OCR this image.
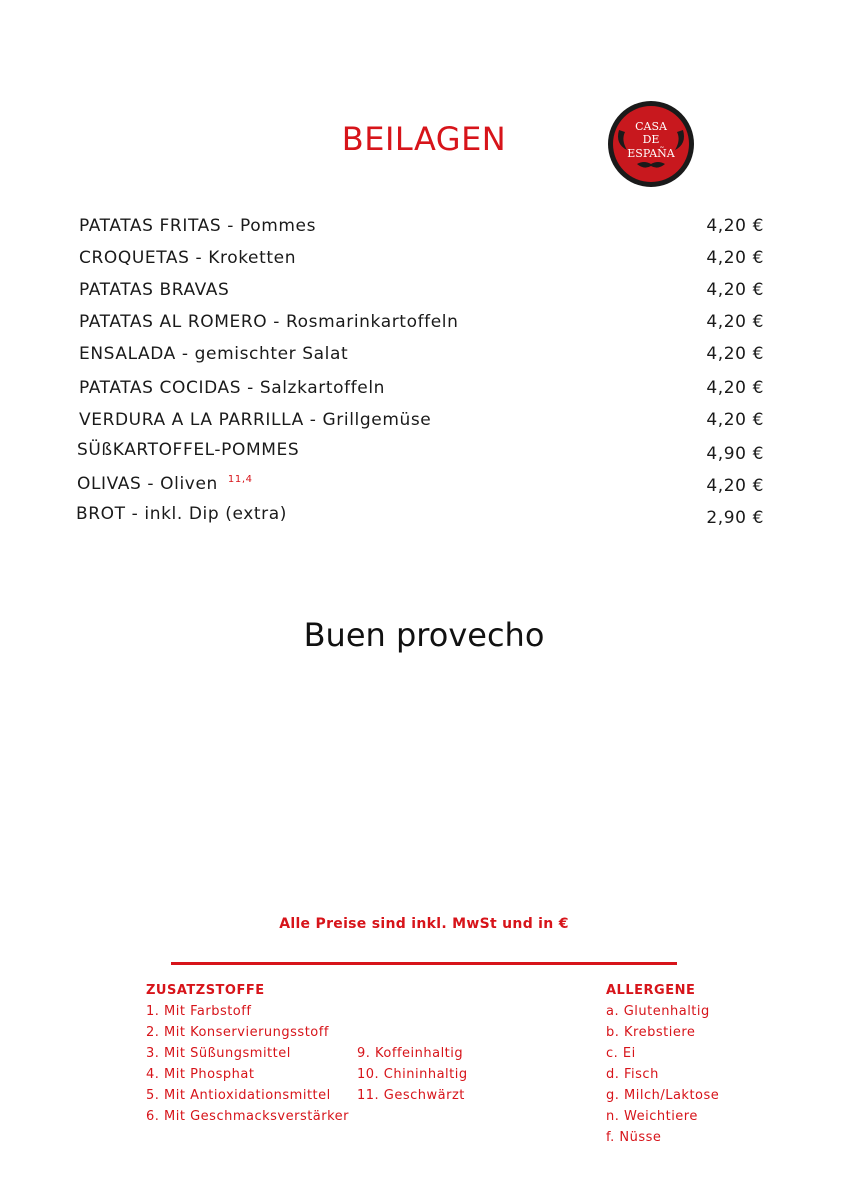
BEILAGEN	CASA
DE
ESPAÑA
PATATAS FRITAS - Pommes	4,20 €
CROQUETAS - Kroketten	4,20 €
PATATAS BRAVAS	4,20 €
PATATAS AL ROMERO - Rosmarinkartoffeln	4,20 €
ENSALADA - gemischter Salat	4,20 €
PATATAS COCIDAS - Salzkartoffeln	4,20 €
VERDURA A LA PARRILLA - Grillgemüse	4,20 €
SÜßKARTOFFEL-POMMES	4,90 €
OLIVAS - Oliven $^{11,4}$	4,20 €
BROT - inkl. Dip (extra)	2,90 €
Buen provecho
Alle Preise sind inkl. MwSt und in €
ZUSATZSTOFFE
1. Mit Farbstoff
2. Mit Konservierungsstoff
3. Mit Süßungsmittel
4. Mit Phosphat
5. Mit Antioxidationsmittel
6. Mit Geschmacksverstärker
9. Koffeinhaltig
10. Chininhaltig
11. Geschwärzt
ALLERGENE
a. Glutenhaltig
b. Krebstiere
c. Ei
d. Fisch
g. Milch/Laktose
n. Weichtiere
f. Nüsse
